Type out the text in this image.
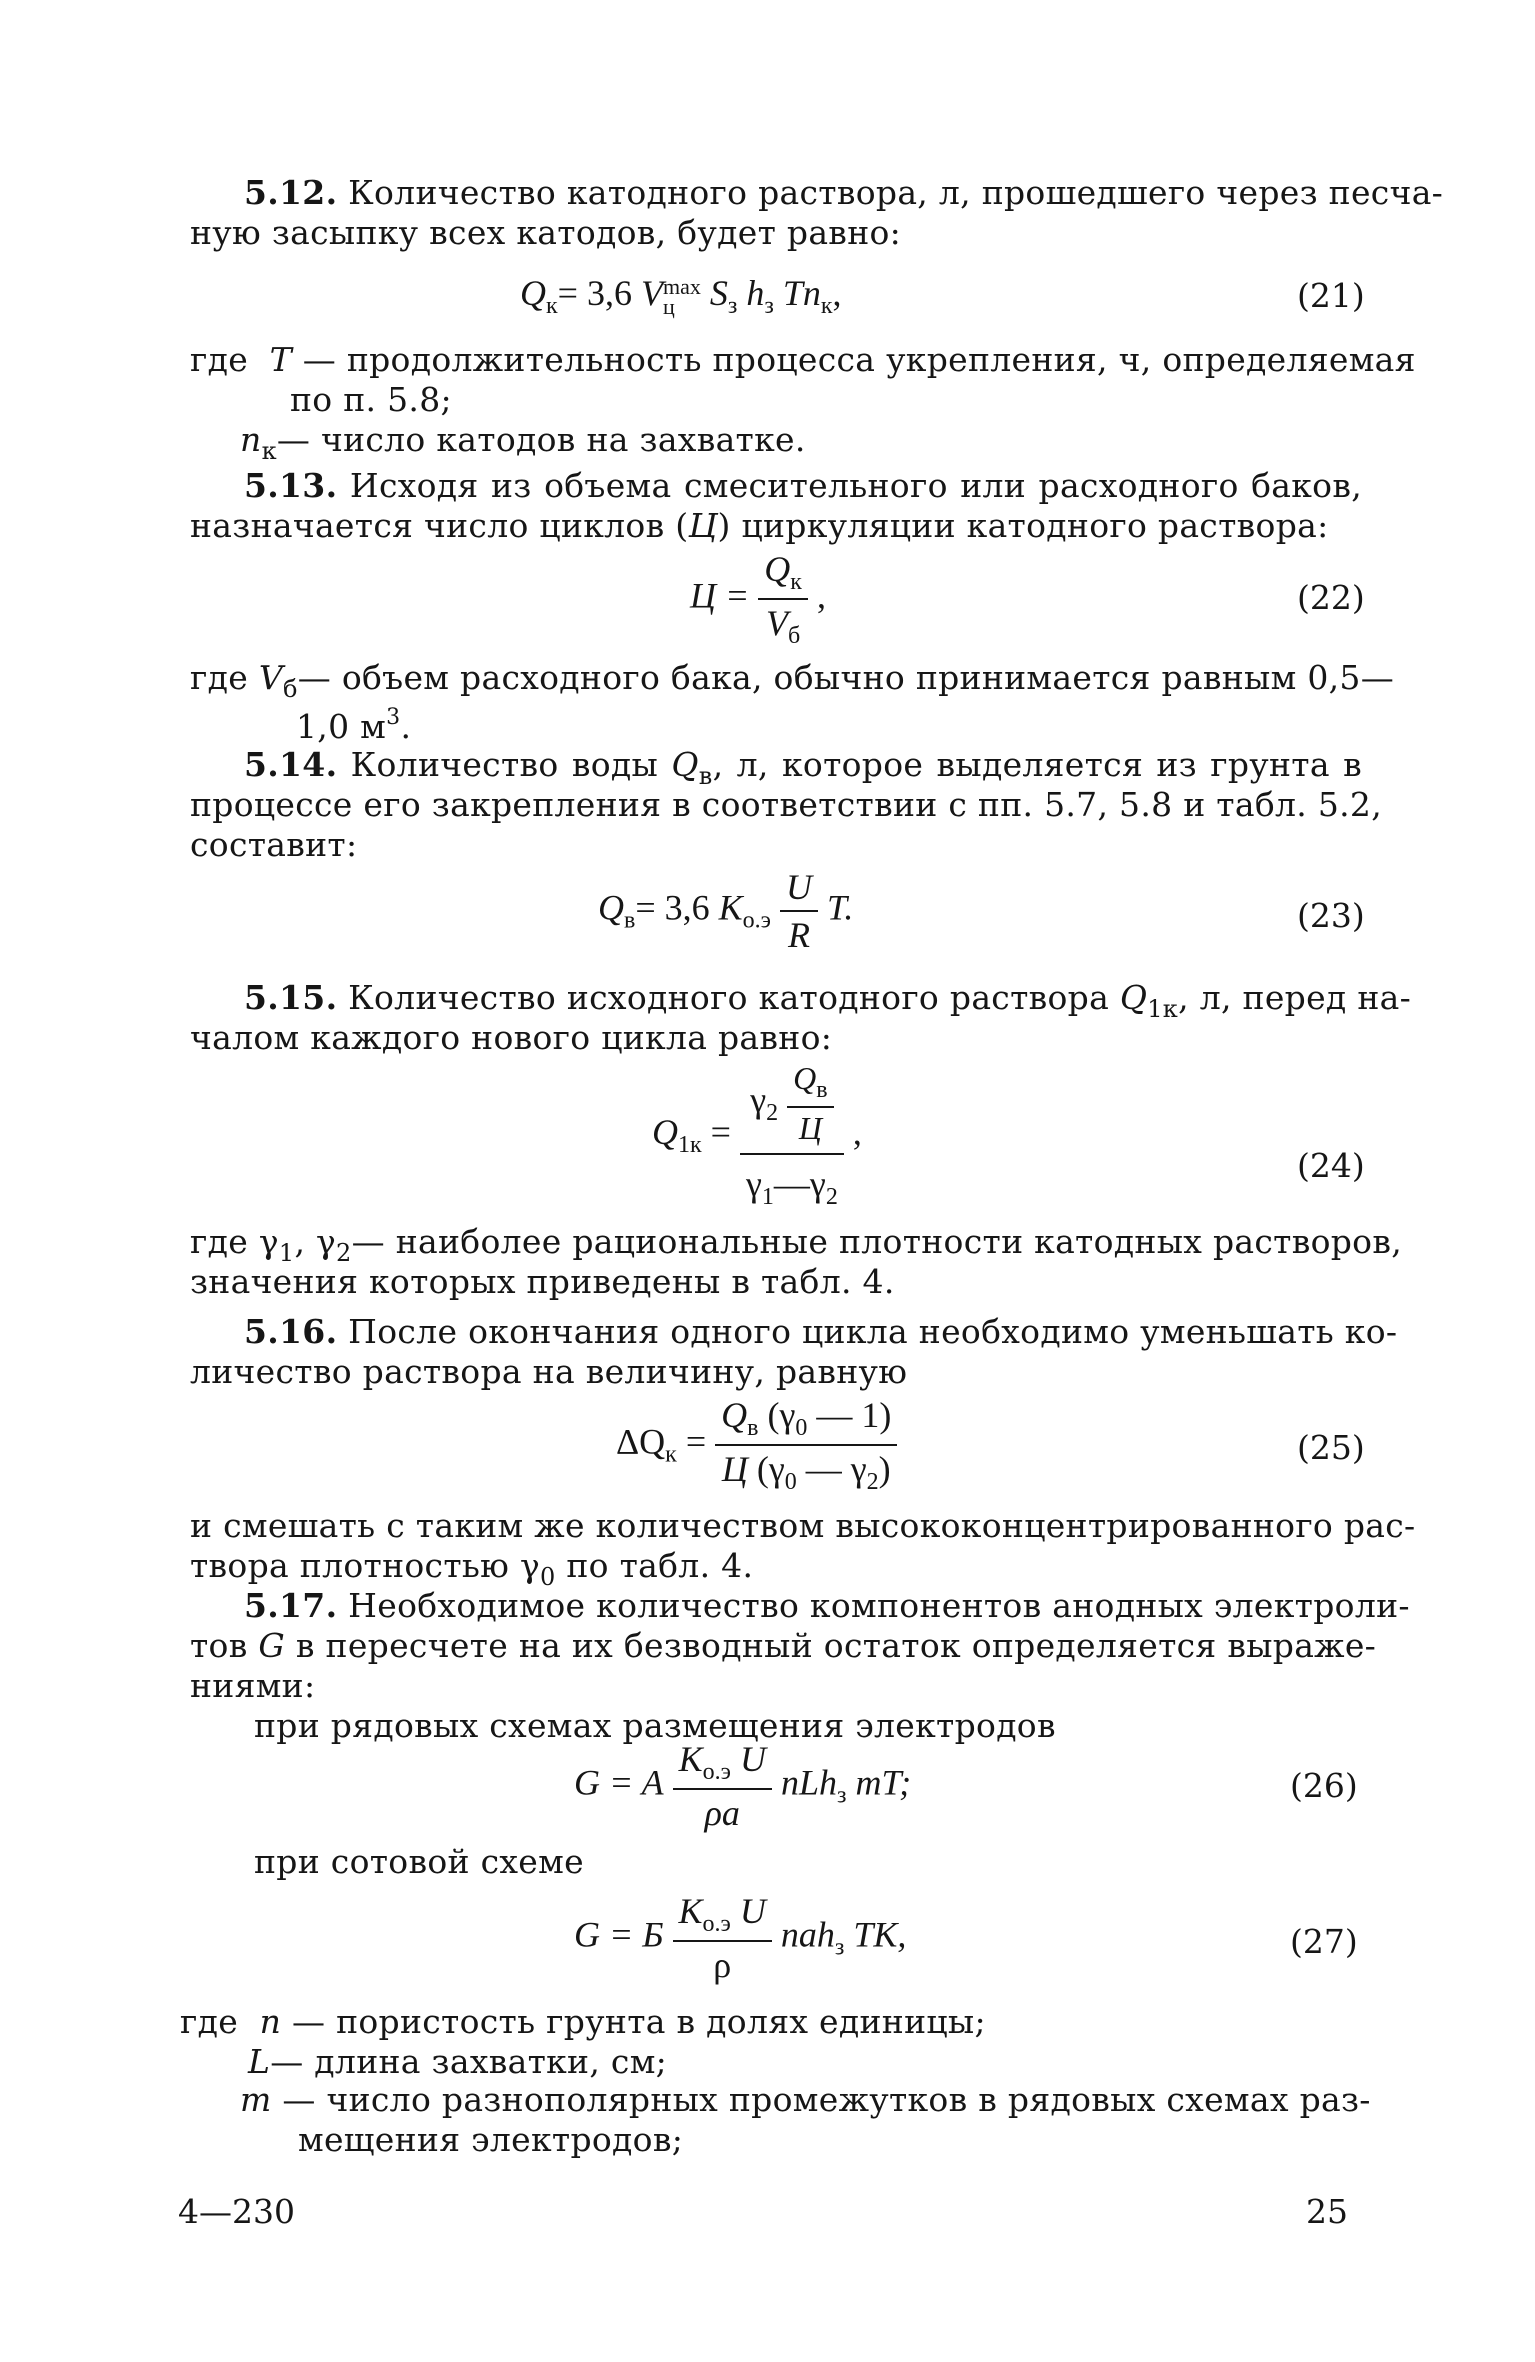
5.12. Количество катодного раствора, л, прошедшего через песча-
ную засыпку всех катодов, будет равно:
$Q_к= 3,6$ V max
ц $S_з$ $h_з$ $Tn_к$,	(21)
где T — продолжительность процесса укрепления, ч, определяемая
по п. 5.8;
$n_к—$ число катодов на захватке.
5.13. Исходя из объема смесительного или расходного баков,
назначается число циклов (Ц) циркуляции катодного раствора:
$Ц = \frac{Q_к}{V_б}$ ,	(22)
где $V_б—$ объем расходного бака, обычно принимается равным 0,5—
1,0 $м^3$.
5.14. Количество воды $Q_в$, л, которое выделяется из грунта в
процессе его закрепления в соответствии с пп. 5.7, 5.8 и табл. 5.2,
составит:
$Q_в= 3,6$ $K_{о.э} \frac{U}{R} T$.	(23)
5.15. Количество исходного катодного раствора $Q_{1к}$, л, перед на-
чалом каждого нового цикла равно:
$Q_{1к} = \frac{\gamma_2 \frac{Q_в}{Ц}}{\gamma_1—\gamma_2}$ ,
(24)
где $\gamma_1$, $\gamma_2—$ наиболее рациональные плотности катодных растворов,
значения которых приведены в табл. 4.
5.16. После окончания одного цикла необходимо уменьшать ко-
личество раствора на величину, равную
$\Delta Q_к = \frac{Q_в (\gamma_0 — 1)}{Ц (\gamma_0 — \gamma_2)}$	(25)
и смешать с таким же количеством высококонцентрированного рас-
твора плотностью $\gamma_0$ по табл. 4.
5.17. Необходимое количество компонентов анодных электроли-
тов G в пересчете на их безводный остаток определяется выраже-
ниями:
при рядовых схемах размещения электродов
G = A $\frac{K_{о.э} U}{\rho a} nLh_з$ mT;	(26)
при сотовой схеме
G = Б $\frac{K_{о.э} U}{\rho} nah_з$ TK,	(27)
где n — пористость грунта в долях единицы;
L— длина захватки, см;
m — число разнополярных промежутков в рядовых схемах раз-
мещения электродов;
4—230	25
